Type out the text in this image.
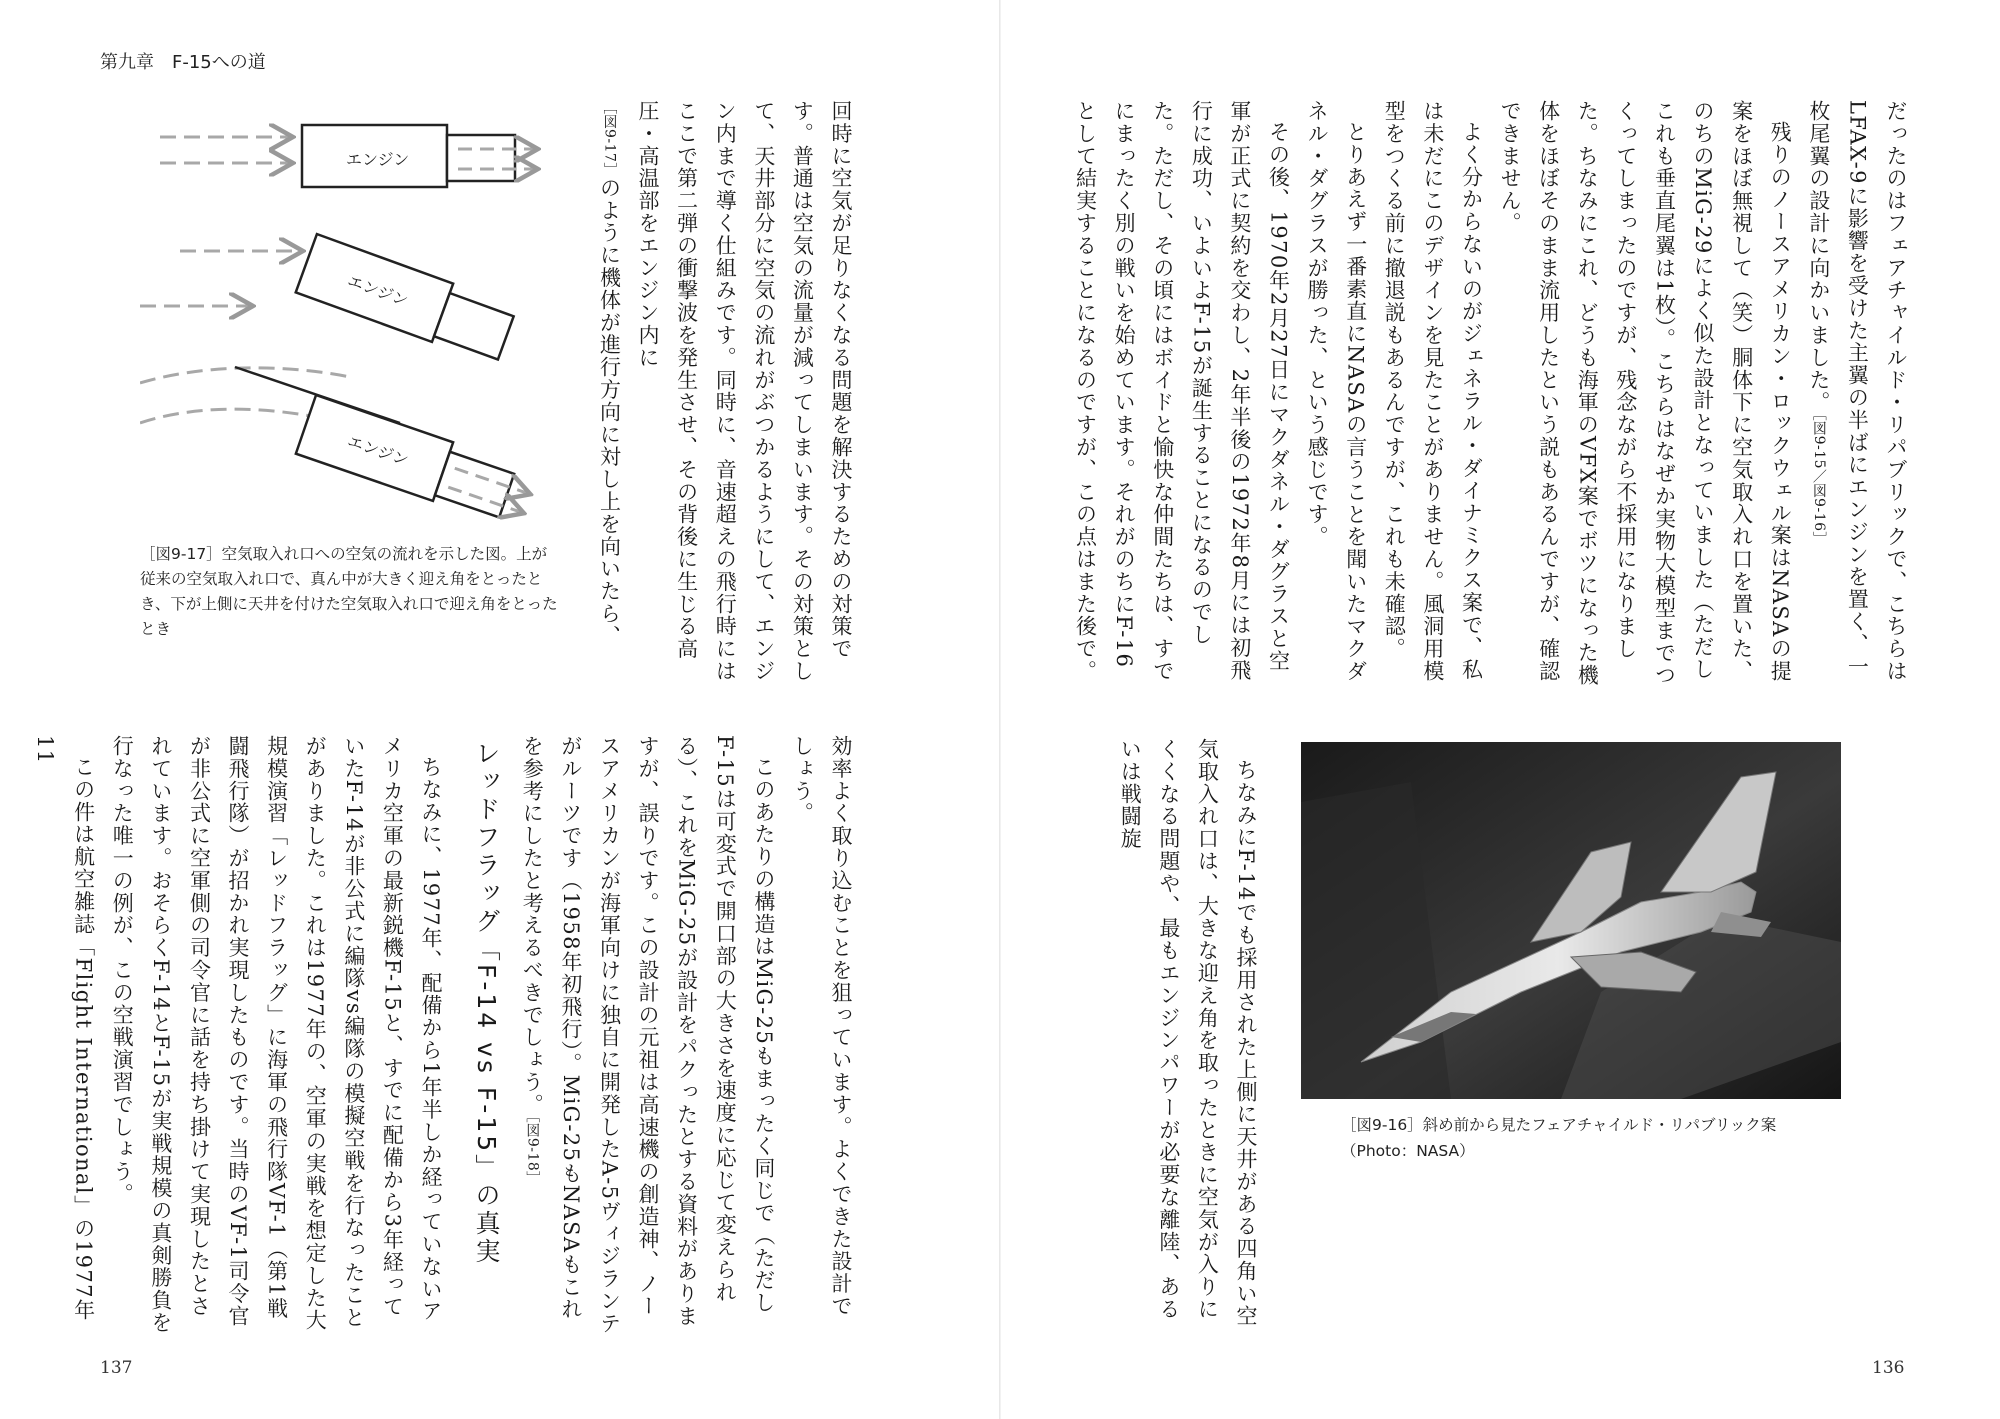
第九章　F-15への道
137	136
エンジン
エンジン
エンジン
［図9-17］空気取入れ口への空気の流れを示した図。上が従来の空気取入れ口で、真ん中が大きく迎え角をとったとき、下が上側に天井を付けた空気取入れ口で迎え角をとったとき	回時に空気が足りなくなる問題を解決するための対策です。普通は空気の流量が減ってしまいます。その対策として、天井部分に空気の流れがぶつかるようにして、エンジン内まで導く仕組みです。同時に、音速超えの飛行時にはここで第二弾の衝撃波を発生させ、その背後に生じる高圧・高温部をエンジン内に

［図9-17］のように機体が進行方向に対し上を向いたら、

効率よく取り込むことを狙っています。よくできた設計でしょう。

このあたりの構造はMiG-25もまったく同じで（ただしF-15は可変式で開口部の大きさを速度に応じて変えられる）、これをMiG-25が設計をパクったとする資料がありますが、誤りです。この設計の元祖は高速機の創造神、ノースアメリカンが海軍向けに独自に開発したA-5ヴィジランテがルーツです（1958年初飛行）。MiG-25もNASAもこれを参考にしたと考えるべきでしょう。［図9-18］

レッドフラッグ「F-14 vs F-15」の真実

ちなみに、1977年、配備から1年半しか経っていないアメリカ空軍の最新鋭機F-15と、すでに配備から3年経っていたF-14が非公式に編隊vs編隊の模擬空戦を行なったことがありました。これは1977年の、空軍の実戦を想定した大規模演習「レッドフラッグ」に海軍の飛行隊VF-1（第1戦闘飛行隊）が招かれ実現したものです。当時のVF-1司令官が非公式に空軍側の司令官に話を持ち掛けて実現したとされています。おそらくF-14とF-15が実戦規模の真剣勝負を行なった唯一の例が、この空戦演習でしょう。

この件は航空雑誌「Flight International」の1977年11

だったのはフェアチャイルド・リパブリックで、こちらはLFAX-9に影響を受けた主翼の半ばにエンジンを置く、一枚尾翼の設計に向かいました。［図9-15／図9-16］

残りのノースアメリカン・ロックウェル案はNASAの提案をほぼ無視して（笑）胴体下に空気取入れ口を置いた、のちのMiG-29によく似た設計となっていました（ただしこれも垂直尾翼は1枚）。こちらはなぜか実物大模型までつくってしまったのですが、残念ながら不採用になりました。ちなみにこれ、どうも海軍のVFX案でボツになった機体をほぼそのまま流用したという説もあるんですが、確認できません。

よく分からないのがジェネラル・ダイナミクス案で、私は未だにこのデザインを見たことがありません。風洞用模型をつくる前に撤退説もあるんですが、これも未確認。

とりあえず一番素直にNASAの言うことを聞いたマクダネル・ダグラスが勝った、という感じです。

その後、1970年2月27日にマクダネル・ダグラスと空軍が正式に契約を交わし、2年半後の1972年8月には初飛行に成功、いよいよF-15が誕生することになるのでした。ただし、その頃にはボイドと愉快な仲間たちは、すでにまったく別の戦いを始めています。それがのちにF-16として結実することになるのですが、この点はまた後で。

［図9-16］斜め前から見たフェアチャイルド・リパブリック案
（Photo：NASA）

ちなみにF-14でも採用された上側に天井がある四角い空気取入れ口は、大きな迎え角を取ったときに空気が入りにくくなる問題や、最もエンジンパワーが必要な離陸、あるいは戦闘旋
